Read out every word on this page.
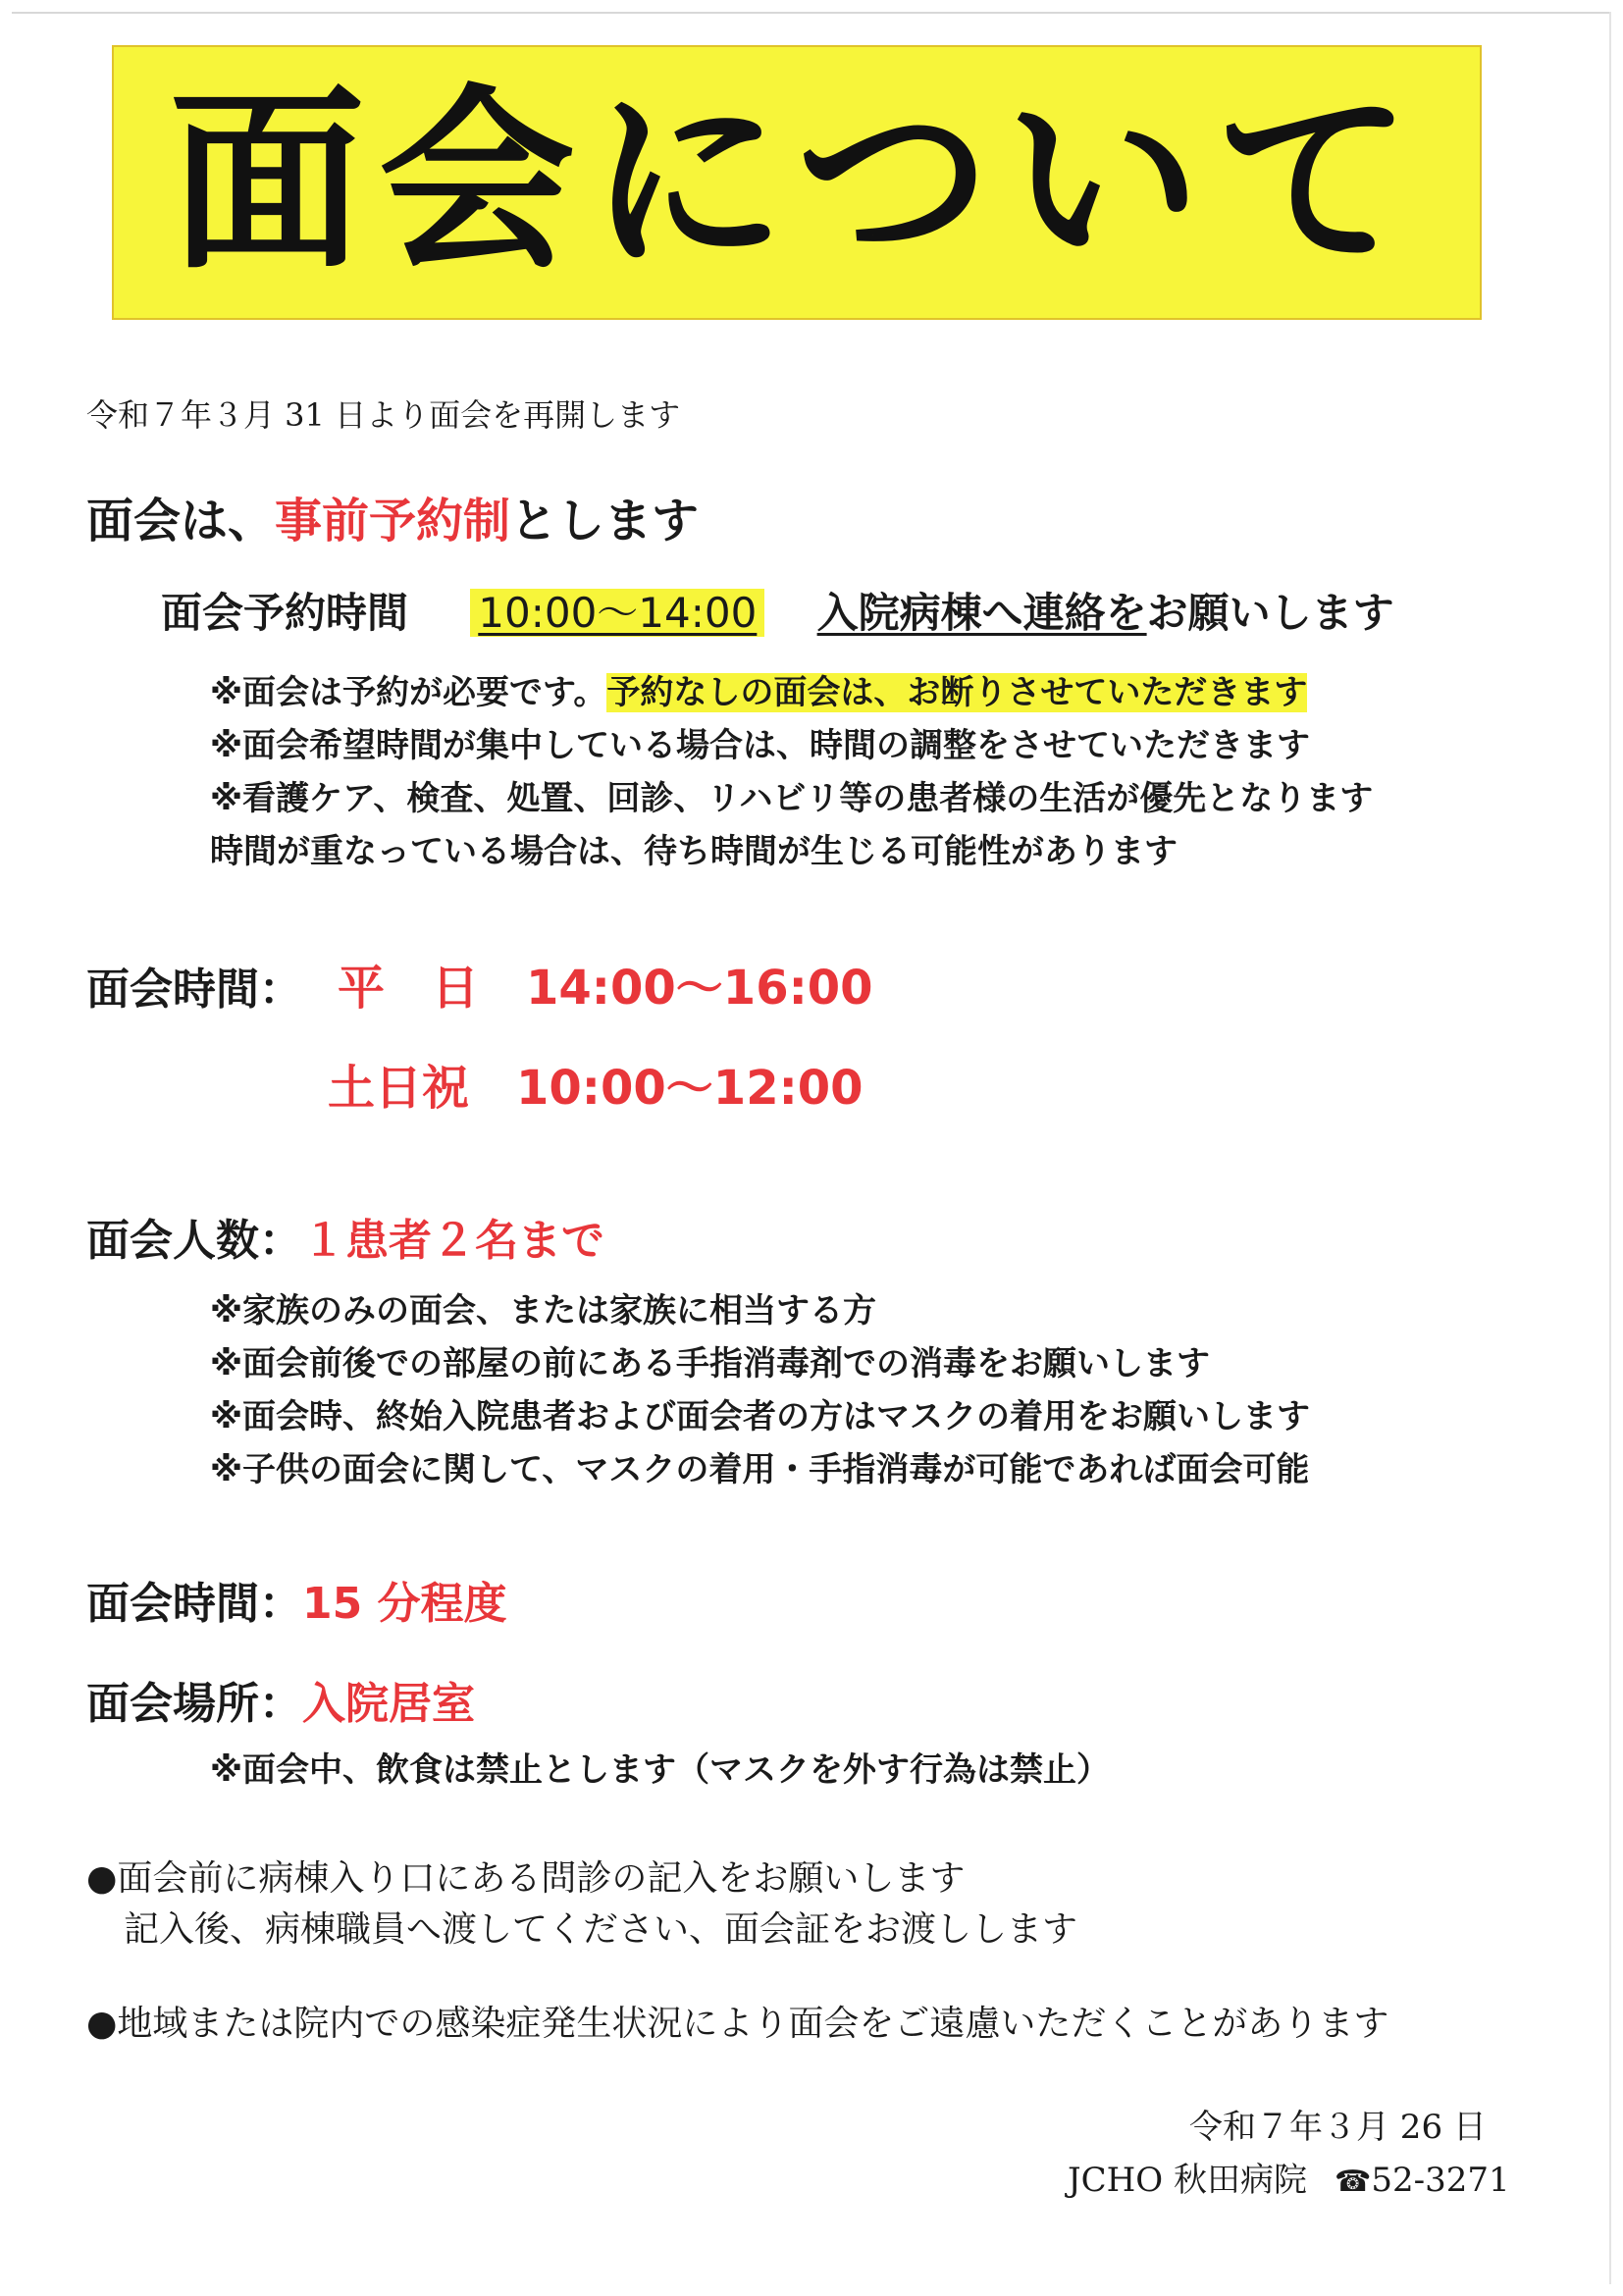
面会について
令和７年３月 31 日より面会を再開します
面会は、事前予約制とします
面会予約時間 10:00～14:00 入院病棟へ連絡をお願いします
※面会は予約が必要です。予約なしの面会は、お断りさせていただきます
※面会希望時間が集中している場合は、時間の調整をさせていただきます
※看護ケア、検査、処置、回診、リハビリ等の患者様の生活が優先となります
時間が重なっている場合は、待ち時間が生じる可能性があります
面会時間： 平　日　14:00～16:00
土日祝　10:00～12:00
面会人数：１患者２名まで
※家族のみの面会、または家族に相当する方
※面会前後での部屋の前にある手指消毒剤での消毒をお願いします
※面会時、終始入院患者および面会者の方はマスクの着用をお願いします
※子供の面会に関して、マスクの着用・手指消毒が可能であれば面会可能
面会時間：15 分程度
面会場所：入院居室
※面会中、飲食は禁止とします（マスクを外す行為は禁止）
●面会前に病棟入り口にある問診の記入をお願いします
記入後、病棟職員へ渡してください、面会証をお渡しします
●地域または院内での感染症発生状況により面会をご遠慮いただくことがあります
令和７年３月 26 日
JCHO 秋田病院 ☎52-3271
